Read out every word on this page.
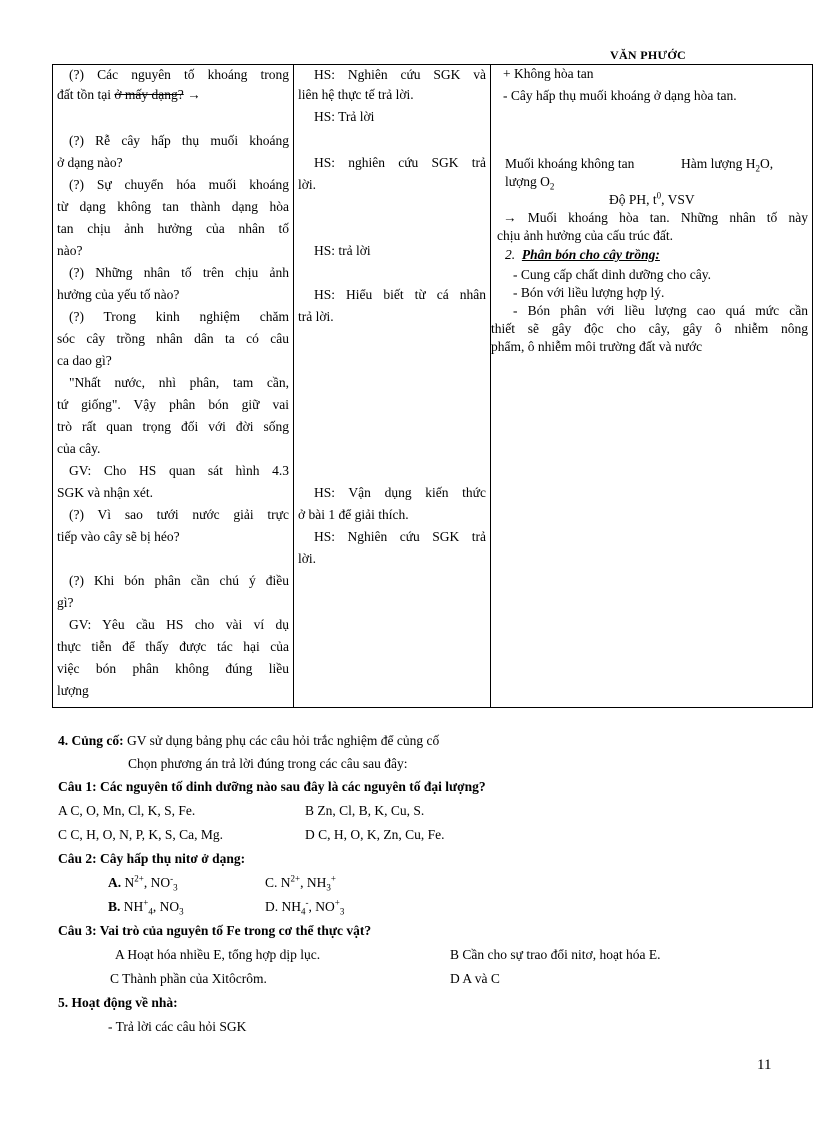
VĂN PHƯỚC
(?) Các nguyên tố khoáng trong
đất tồn tại ở mấy dạng? →
(?) Rễ cây hấp thụ muối khoáng
ở dạng nào?
(?) Sự chuyển hóa muối khoáng
từ dạng không tan thành dạng hòa
tan chịu ảnh hưởng của nhân tố
nào?
(?) Những nhân tố trên chịu ảnh
hưởng của yếu tố nào?
(?) Trong kinh nghiệm chăm
sóc cây trồng nhân dân ta có câu
ca dao gì?
"Nhất nước, nhì phân, tam cần,
tứ giống". Vậy phân bón giữ vai
trò rất quan trọng đối với đời sống
của cây.
GV: Cho HS quan sát hình 4.3
SGK và nhận xét.
(?) Vì sao tưới nước giải trực
tiếp vào cây sẽ bị héo?
(?) Khi bón phân cần chú ý điều
gì?
GV: Yêu cầu HS cho vài ví dụ
thực tiễn để thấy được tác hại của
việc bón phân không đúng liều
lượng

HS: Nghiên cứu SGK và
liên hệ thực tế trả lời.
HS: Trả lời
HS: nghiên cứu SGK trả
lời.
HS: trả lời
HS: Hiểu biết từ cá nhân
trả lời.
HS: Vận dụng kiến thức
ở bài 1 để giải thích.
HS: Nghiên cứu SGK trả
lời.

+ Không hòa tan
- Cây hấp thụ muối khoáng ở dạng hòa tan.
Muối khoáng không tan	Hàm lượng $H_2O$,
lượng $O_2$
Độ PH, $t^0$, VSV
→ Muối khoáng hòa tan. Những nhân tố này
chịu ảnh hưởng của cấu trúc đất.
2. Phân bón cho cây trồng:
- Cung cấp chất dinh dưỡng cho cây.
- Bón với liều lượng hợp lý.
- Bón phân với liều lượng cao quá mức cần
thiết sẽ gây độc cho cây, gây ô nhiễm nông
phẩm, ô nhiễm môi trường đất và nước
4. Củng cố: GV sử dụng bảng phụ các câu hỏi trắc nghiệm để củng cố
Chọn phương án trả lời đúng trong các câu sau đây:
Câu 1: Các nguyên tố dinh dưỡng nào sau đây là các nguyên tố đại lượng?
A C, O, Mn, Cl, K, S, Fe.	B Zn, Cl, B, K, Cu, S.
C C, H, O, N, P, K, S, Ca, Mg.	D C, H, O, K, Zn, Cu, Fe.
Câu 2: Cây hấp thụ nitơ ở dạng:
A. $N^{2+}$, $NO^-_3$	C. $N^{2+}$, $NH_3^+$
B. $NH^+_4$, $NO_3$	D. $NH_4^-$, $NO^+_3$
Câu 3: Vai trò của nguyên tố Fe trong cơ thể thực vật?
A Hoạt hóa nhiều E, tổng hợp dịp lục.	B Cần cho sự trao đổi nitơ, hoạt hóa E.
C Thành phần của Xitôcrôm.	D A và C
5. Hoạt động về nhà:
- Trả lời các câu hỏi SGK
11
